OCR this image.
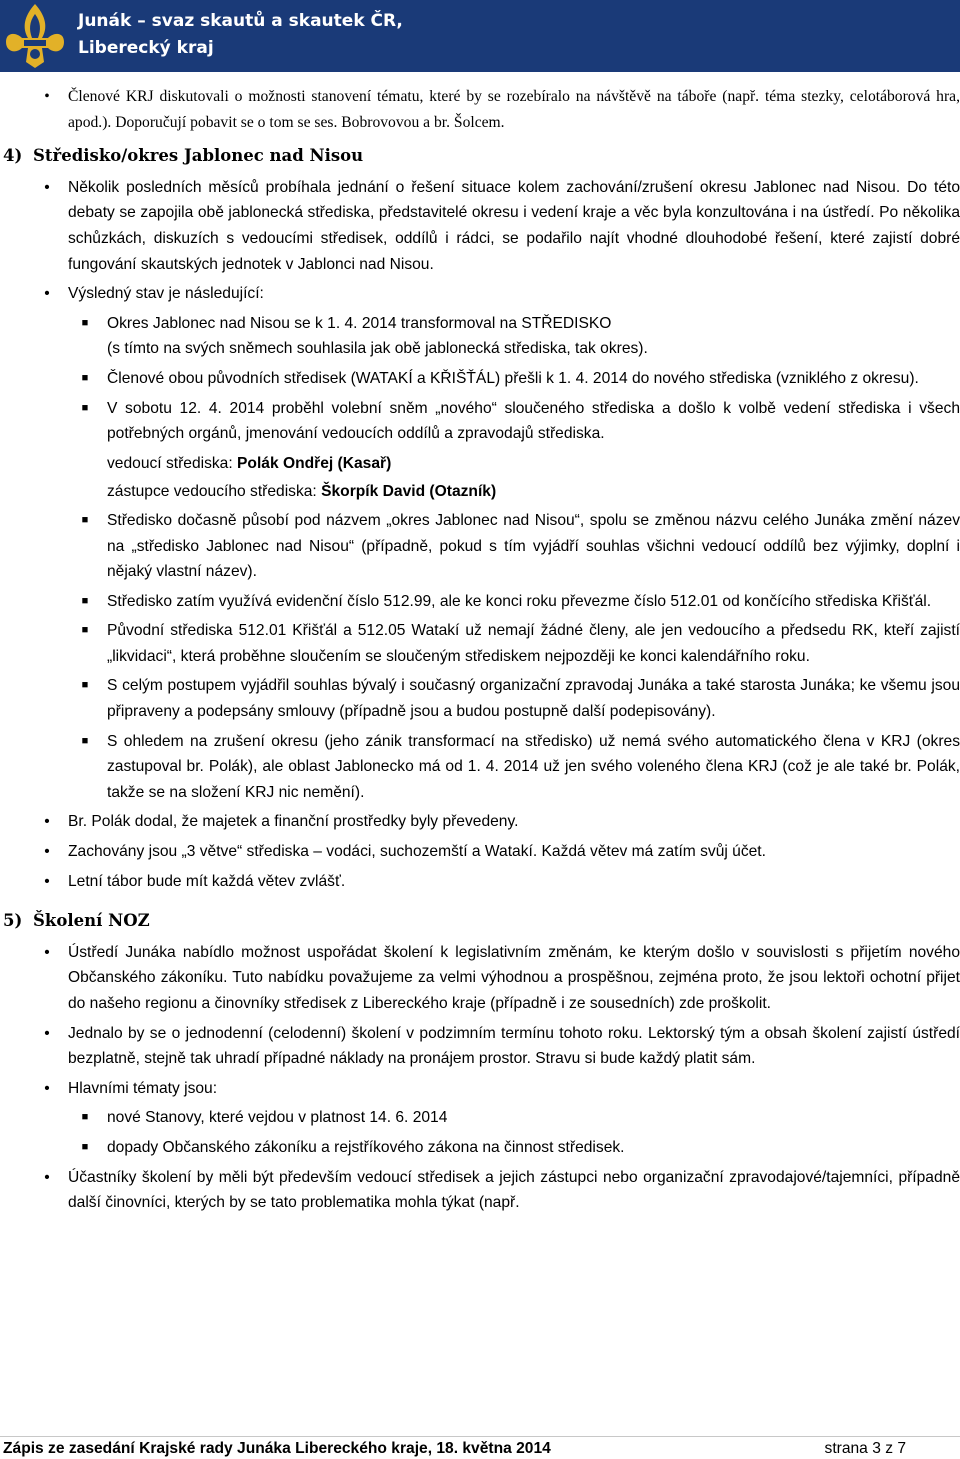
Junák – svaz skautů a skautek ČR,
Liberecký kraj
•	Členové KRJ diskutovali o možnosti stanovení tématu, které by se rozebíralo na návštěvě na táboře (např. téma stezky, celotáborová hra, apod.). Doporučují pobavit se o tom se ses. Bobrovovou a br. Šolcem.
4) Středisko/okres Jablonec nad Nisou
•	Několik posledních měsíců probíhala jednání o řešení situace kolem zachování/zrušení okresu Jablonec nad Nisou. Do této debaty se zapojila obě jablonecká střediska, představitelé okresu i vedení kraje a věc byla konzultována i na ústředí. Po několika schůzkách, diskuzích s vedoucími středisek, oddílů i rádci, se podařilo najít vhodné dlouhodobé řešení, které zajistí dobré fungování skautských jednotek v Jablonci nad Nisou.
•	Výsledný stav je následující:
■	Okres Jablonec nad Nisou se k 1. 4. 2014 transformoval na STŘEDISKO
(s tímto na svých sněmech souhlasila jak obě jablonecká střediska, tak okres).
■	Členové obou původních středisek (WATAKÍ a KŘIŠŤÁL) přešli k 1. 4. 2014 do nového střediska (vzniklého z okresu).
■	V sobotu 12. 4. 2014 proběhl volební sněm „nového“ sloučeného střediska a došlo k volbě vedení střediska i všech potřebných orgánů, jmenování vedoucích oddílů a zpravodajů střediska.
vedoucí střediska: Polák Ondřej (Kasař)
zástupce vedoucího střediska: Škorpík David (Otazník)
■	Středisko dočasně působí pod názvem „okres Jablonec nad Nisou“, spolu se změnou názvu celého Junáka změní název na „středisko Jablonec nad Nisou“ (případně, pokud s tím vyjádří souhlas všichni vedoucí oddílů bez výjimky, doplní i nějaký vlastní název).
■	Středisko zatím využívá evidenční číslo 512.99, ale ke konci roku převezme číslo 512.01 od končícího střediska Křišťál.
■	Původní střediska 512.01 Křišťál a 512.05 Watakí už nemají žádné členy, ale jen vedoucího a předsedu RK, kteří zajistí „likvidaci“, která proběhne sloučením se sloučeným střediskem nejpozději ke konci kalendářního roku.
■	S celým postupem vyjádřil souhlas bývalý i současný organizační zpravodaj Junáka a také starosta Junáka; ke všemu jsou připraveny a podepsány smlouvy (případně jsou a budou postupně další podepisovány).
■	S ohledem na zrušení okresu (jeho zánik transformací na středisko) už nemá svého automatického člena v KRJ (okres zastupoval br. Polák), ale oblast Jablonecko má od 1. 4. 2014 už jen svého voleného člena KRJ (což je ale také br. Polák, takže se na složení KRJ nic nemění).
•	Br. Polák dodal, že majetek a finanční prostředky byly převedeny.
•	Zachovány jsou „3 větve“ střediska – vodáci, suchozemští a Watakí. Každá větev má zatím svůj účet.
•	Letní tábor bude mít každá větev zvlášť.
5) Školení NOZ
•	Ústředí Junáka nabídlo možnost uspořádat školení k legislativním změnám, ke kterým došlo v souvislosti s přijetím nového Občanského zákoníku. Tuto nabídku považujeme za velmi výhodnou a prospěšnou, zejména proto, že jsou lektoři ochotní přijet do našeho regionu a činovníky středisek z Libereckého kraje (případně i ze sousedních) zde proškolit.
•	Jednalo by se o jednodenní (celodenní) školení v podzimním termínu tohoto roku. Lektorský tým a obsah školení zajistí ústředí bezplatně, stejně tak uhradí případné náklady na pronájem prostor. Stravu si bude každý platit sám.
•	Hlavními tématy jsou:
■	nové Stanovy, které vejdou v platnost 14. 6. 2014
■	dopady Občanského zákoníku a rejstříkového zákona na činnost středisek.
•	Účastníky školení by měli být především vedoucí středisek a jejich zástupci nebo organizační zpravodajové/tajemníci, případně další činovníci, kterých by se tato problematika mohla týkat (např.
Zápis ze zasedání Krajské rady Junáka Libereckého kraje, 18. května 2014	strana 3 z 7
